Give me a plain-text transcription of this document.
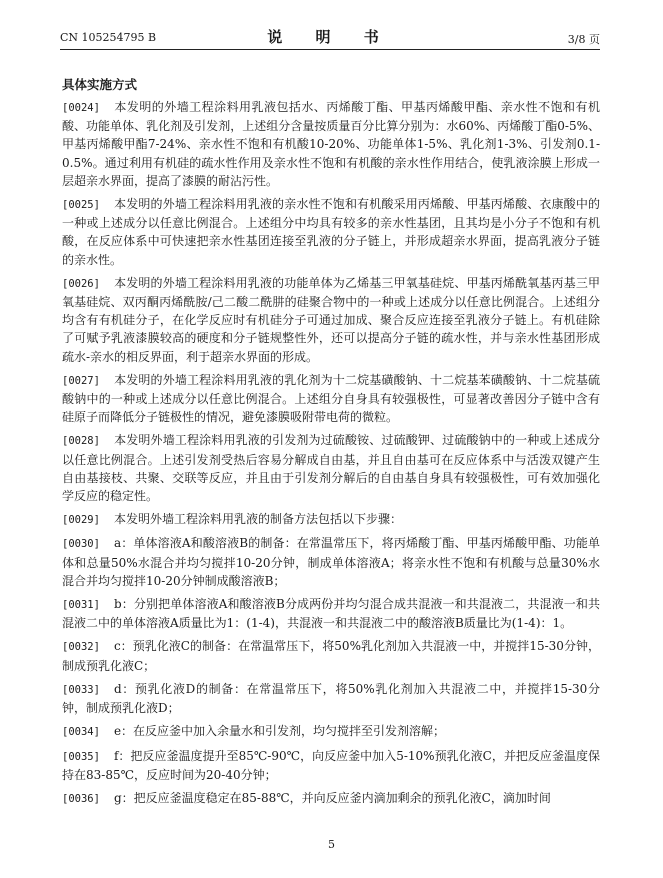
CN 105254795 B	说 明 书	3/8 页
具体实施方式
[0024] 本发明的外墙工程涂料用乳液包括水、丙烯酸丁酯、甲基丙烯酸甲酯、亲水性不饱和有机酸、功能单体、乳化剂及引发剂，上述组分含量按质量百分比算分别为：水60%、丙烯酸丁酯0-5%、甲基丙烯酸甲酯7-24%、亲水性不饱和有机酸10-20%、功能单体1-5%、乳化剂1-3%、引发剂0.1-0.5%。通过利用有机硅的疏水性作用及亲水性不饱和有机酸的亲水性作用结合，使乳液涂膜上形成一层超亲水界面，提高了漆膜的耐沾污性。
[0025] 本发明的外墙工程涂料用乳液的亲水性不饱和有机酸采用丙烯酸、甲基丙烯酸、衣康酸中的一种或上述成分以任意比例混合。上述组分中均具有较多的亲水性基团，且其均是小分子不饱和有机酸，在反应体系中可快速把亲水性基团连接至乳液的分子链上，并形成超亲水界面，提高乳液分子链的亲水性。
[0026] 本发明的外墙工程涂料用乳液的功能单体为乙烯基三甲氧基硅烷、甲基丙烯酰氧基丙基三甲氧基硅烷、双丙酮丙烯酰胺/己二酸二酰肼的硅聚合物中的一种或上述成分以任意比例混合。上述组分均含有有机硅分子，在化学反应时有机硅分子可通过加成、聚合反应连接至乳液分子链上。有机硅除了可赋予乳液漆膜较高的硬度和分子链规整性外，还可以提高分子链的疏水性，并与亲水性基团形成疏水-亲水的相反界面，利于超亲水界面的形成。
[0027] 本发明的外墙工程涂料用乳液的乳化剂为十二烷基磺酸钠、十二烷基苯磺酸钠、十二烷基硫酸钠中的一种或上述成分以任意比例混合。上述组分自身具有较强极性，可显著改善因分子链中含有硅原子而降低分子链极性的情况，避免漆膜吸附带电荷的微粒。
[0028] 本发明外墙工程涂料用乳液的引发剂为过硫酸铵、过硫酸钾、过硫酸钠中的一种或上述成分以任意比例混合。上述引发剂受热后容易分解成自由基，并且自由基可在反应体系中与活泼双键产生自由基接枝、共聚、交联等反应，并且由于引发剂分解后的自由基自身具有较强极性，可有效加强化学反应的稳定性。
[0029] 本发明外墙工程涂料用乳液的制备方法包括以下步骤：
[0030] a：单体溶液A和酸溶液B的制备：在常温常压下，将丙烯酸丁酯、甲基丙烯酸甲酯、功能单体和总量50%水混合并均匀搅拌10-20分钟，制成单体溶液A；将亲水性不饱和有机酸与总量30%水混合并均匀搅拌10-20分钟制成酸溶液B；
[0031] b：分别把单体溶液A和酸溶液B分成两份并均匀混合成共混液一和共混液二，共混液一和共混液二中的单体溶液A质量比为1：(1-4)，共混液一和共混液二中的酸溶液B质量比为(1-4)：1。
[0032] c：预乳化液C的制备：在常温常压下，将50%乳化剂加入共混液一中，并搅拌15-30分钟，制成预乳化液C；
[0033] d：预乳化液D的制备：在常温常压下，将50%乳化剂加入共混液二中，并搅拌15-30分钟，制成预乳化液D；
[0034] e：在反应釜中加入余量水和引发剂，均匀搅拌至引发剂溶解；
[0035] f：把反应釜温度提升至85℃-90℃，向反应釜中加入5-10%预乳化液C，并把反应釜温度保持在83-85℃，反应时间为20-40分钟；
[0036] g：把反应釜温度稳定在85-88℃，并向反应釜内滴加剩余的预乳化液C，滴加时间
5
